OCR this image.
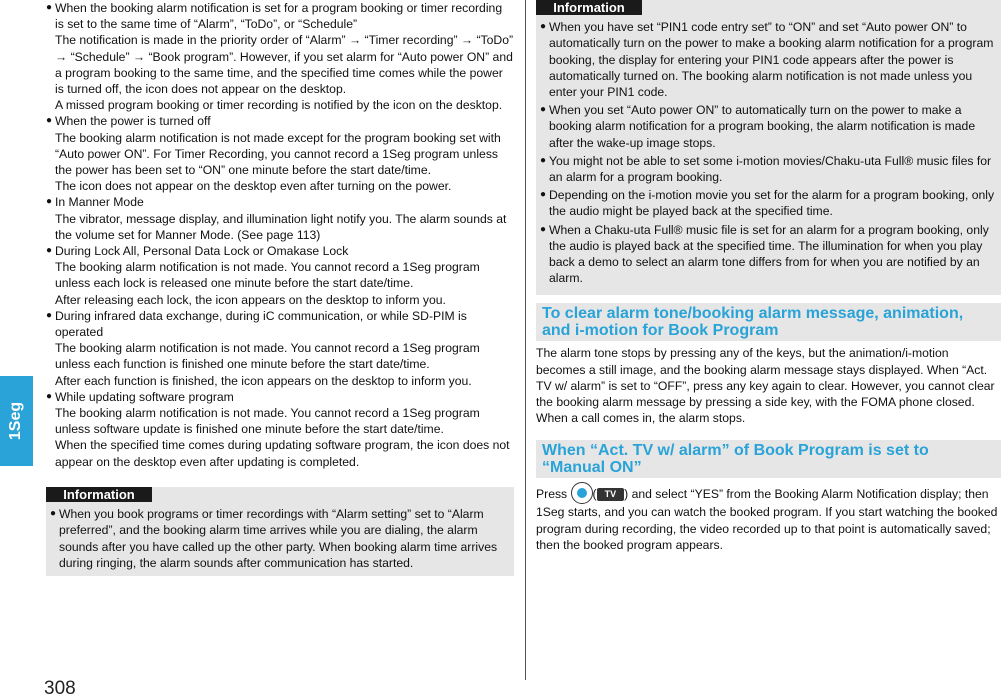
1Seg
308
● When the booking alarm notification is set for a program booking or timer recording is set to the same time of “Alarm”, “ToDo”, or “Schedule”
The notification is made in the priority order of “Alarm” → “Timer recording” → “ToDo” → “Schedule” → “Book program”. However, if you set alarm for “Auto power ON” and a program booking to the same time, and the specified time comes while the power is turned off, the icon does not appear on the desktop.
A missed program booking or timer recording is notified by the icon on the desktop.
● When the power is turned off
The booking alarm notification is not made except for the program booking set with “Auto power ON”. For Timer Recording, you cannot record a 1Seg program unless the power has been set to “ON” one minute before the start date/time.
The icon does not appear on the desktop even after turning on the power.
● In Manner Mode
The vibrator, message display, and illumination light notify you. The alarm sounds at the volume set for Manner Mode. (See page 113)
● During Lock All, Personal Data Lock or Omakase Lock
The booking alarm notification is not made. You cannot record a 1Seg program unless each lock is released one minute before the start date/time.
After releasing each lock, the icon appears on the desktop to inform you.
● During infrared data exchange, during iC communication, or while SD-PIM is operated
The booking alarm notification is not made. You cannot record a 1Seg program unless each function is finished one minute before the start date/time.
After each function is finished, the icon appears on the desktop to inform you.
● While updating software program
The booking alarm notification is not made. You cannot record a 1Seg program unless software update is finished one minute before the start date/time.
When the specified time comes during updating software program, the icon does not appear on the desktop even after updating is completed.
Information
● When you book programs or timer recordings with “Alarm setting” set to “Alarm preferred”, and the booking alarm time arrives while you are dialing, the alarm sounds after you have called up the other party. When booking alarm time arrives during ringing, the alarm sounds after communication has started.
Information
● When you have set “PIN1 code entry set” to “ON” and set “Auto power ON” to automatically turn on the power to make a booking alarm notification for a program booking, the display for entering your PIN1 code appears after the power is automatically turned on. The booking alarm notification is not made unless you enter your PIN1 code.
● When you set “Auto power ON” to automatically turn on the power to make a booking alarm notification for a program booking, the alarm notification is made after the wake-up image stops.
● You might not be able to set some i-motion movies/Chaku-uta Full® music files for an alarm for a program booking.
● Depending on the i-motion movie you set for the alarm for a program booking, only the audio might be played back at the specified time.
● When a Chaku-uta Full® music file is set for an alarm for a program booking, only the audio is played back at the specified time. The illumination for when you play back a demo to select an alarm tone differs from for when you are notified by an alarm.
To clear alarm tone/booking alarm message, animation, and i-motion for Book Program

The alarm tone stops by pressing any of the keys, but the animation/i-motion becomes a still image, and the booking alarm message stays displayed. When “Act. TV w/ alarm” is set to “OFF”, press any key again to clear. However, you cannot clear the booking alarm message by pressing a side key, with the FOMA phone closed. When a call comes in, the alarm stops.

When “Act. TV w/ alarm” of Book Program is set to “Manual ON”

Press ( TV ) and select “YES” from the Booking Alarm Notification display; then 1Seg starts, and you can watch the booked program. If you start watching the booked program during recording, the video recorded up to that point is automatically saved; then the booked program appears.
